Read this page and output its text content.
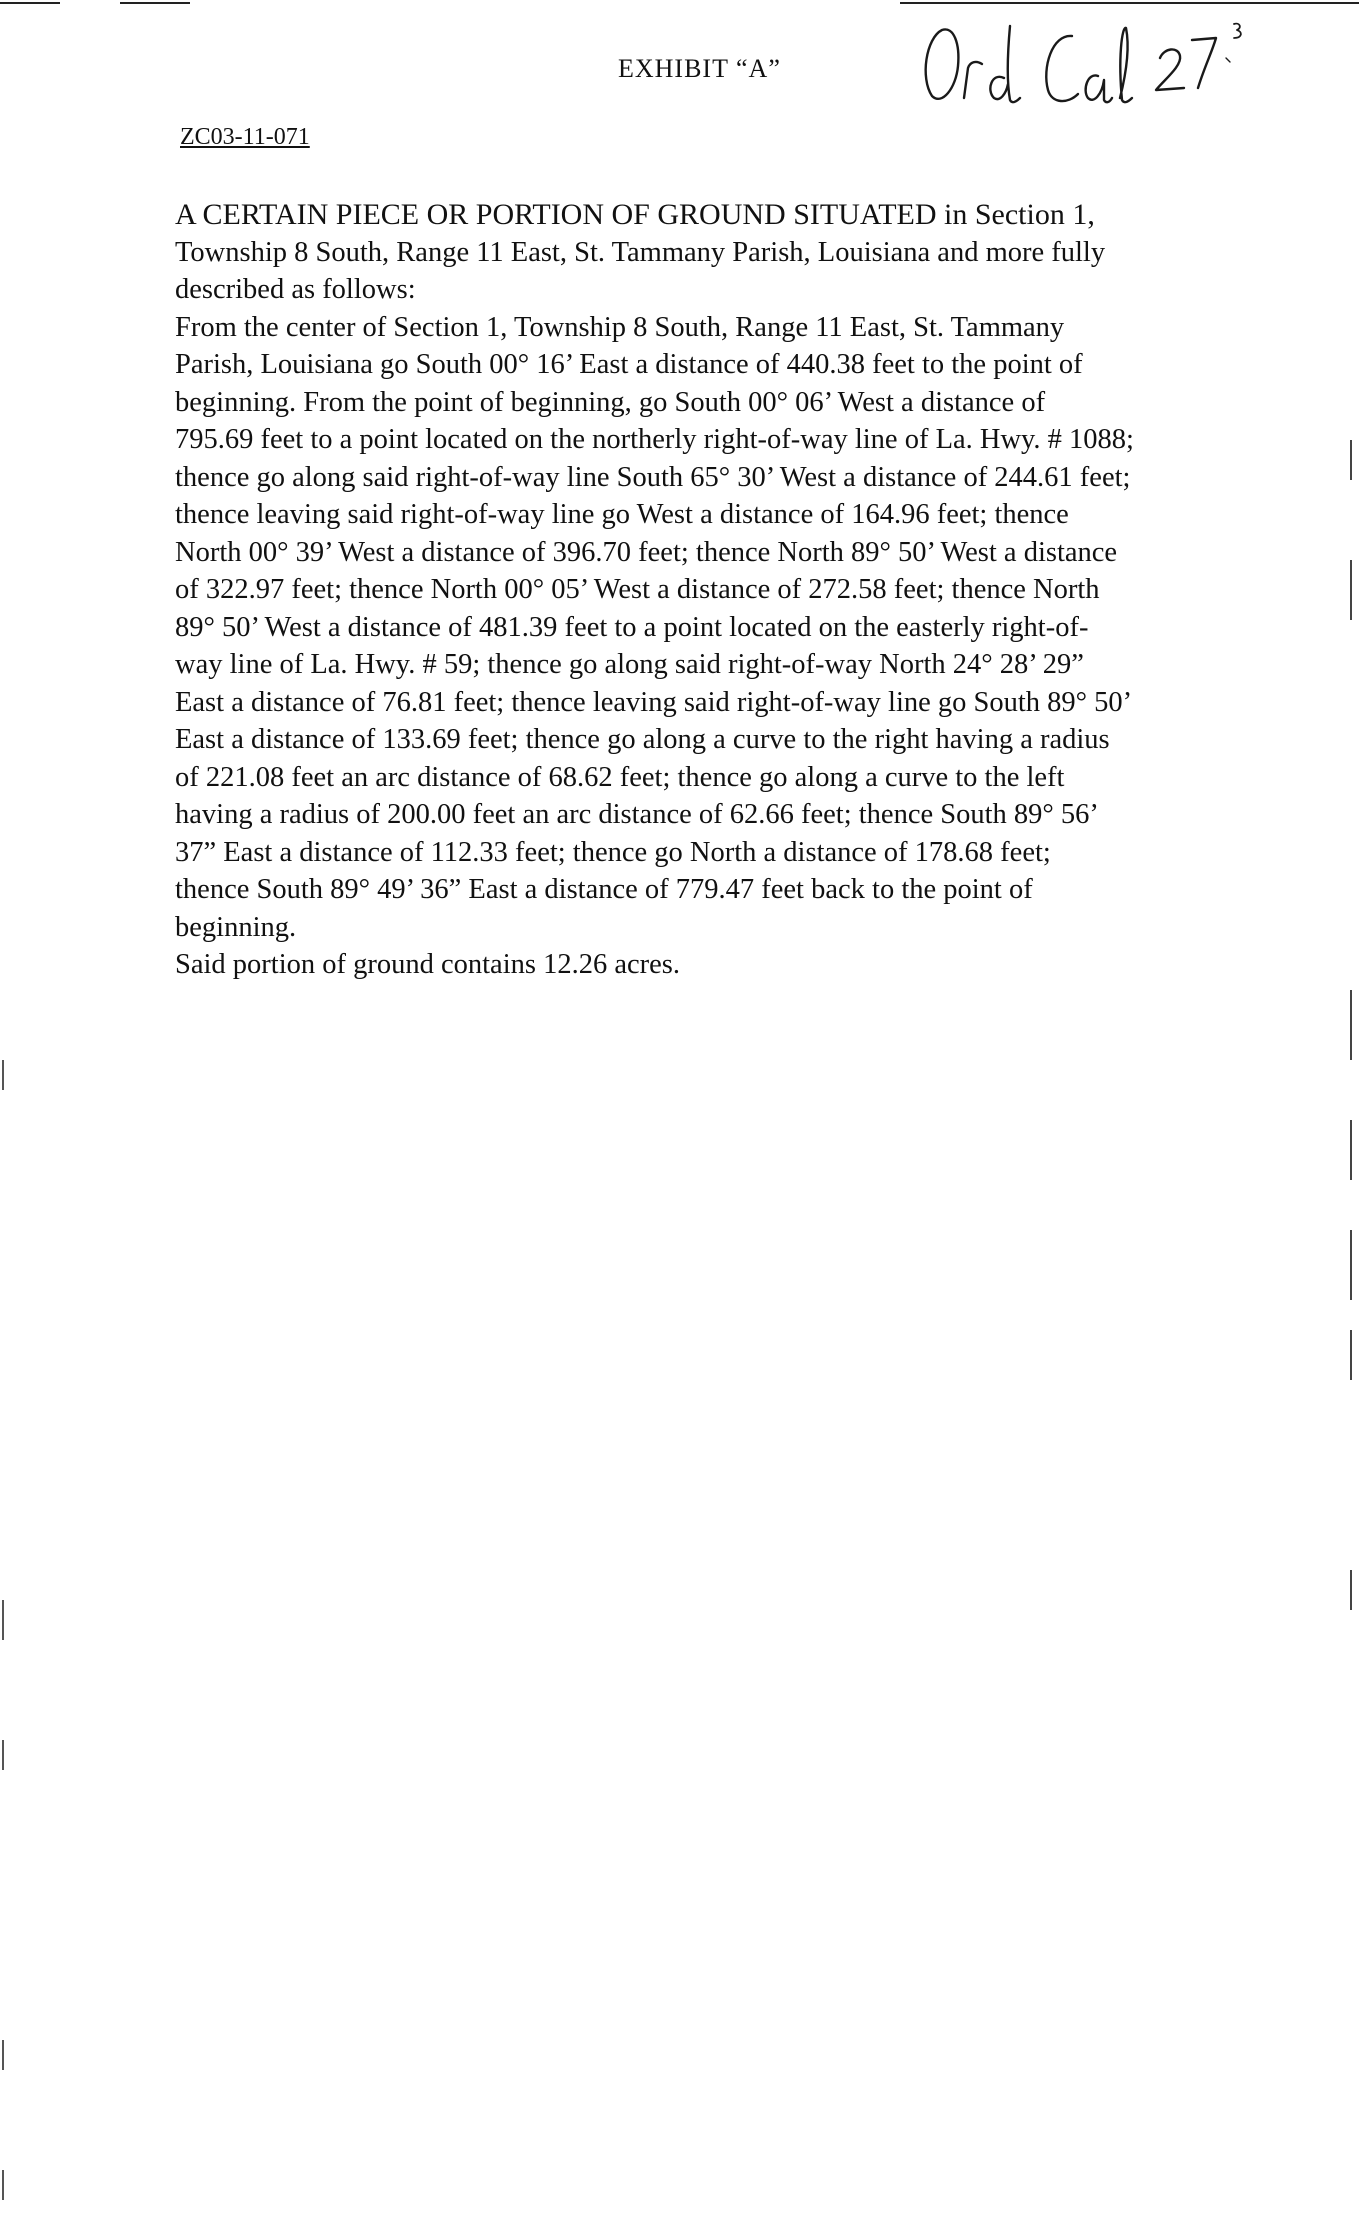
EXHIBIT “A”
ZC03-11-071

A CERTAIN PIECE OR PORTION OF GROUND SITUATED in Section 1,

Township 8 South, Range 11 East, St. Tammany Parish, Louisiana and more fully

described as follows:

From the center of Section 1, Township 8 South, Range 11 East, St. Tammany

Parish, Louisiana go South 00° 16’ East a distance of 440.38 feet to the point of

beginning. From the point of beginning, go South 00° 06’ West a distance of

795.69 feet to a point located on the northerly right-of-way line of La. Hwy. # 1088;

thence go along said right-of-way line South 65° 30’ West a distance of 244.61 feet;

thence leaving said right-of-way line go West a distance of 164.96 feet; thence

North 00° 39’ West a distance of 396.70 feet; thence North 89° 50’ West a distance

of 322.97 feet; thence North 00° 05’ West a distance of 272.58 feet; thence North

89° 50’ West a distance of 481.39 feet to a point located on the easterly right-of-

way line of La. Hwy. # 59; thence go along said right-of-way North 24° 28’ 29”

East a distance of 76.81 feet; thence leaving said right-of-way line go South 89° 50’

East a distance of 133.69 feet; thence go along a curve to the right having a radius

of 221.08 feet an arc distance of 68.62 feet; thence go along a curve to the left

having a radius of 200.00 feet an arc distance of 62.66 feet; thence South 89° 56’

37” East a distance of 112.33 feet; thence go North a distance of 178.68 feet;

thence South 89° 49’ 36” East a distance of 779.47 feet back to the point of

beginning.

Said portion of ground contains 12.26 acres.
